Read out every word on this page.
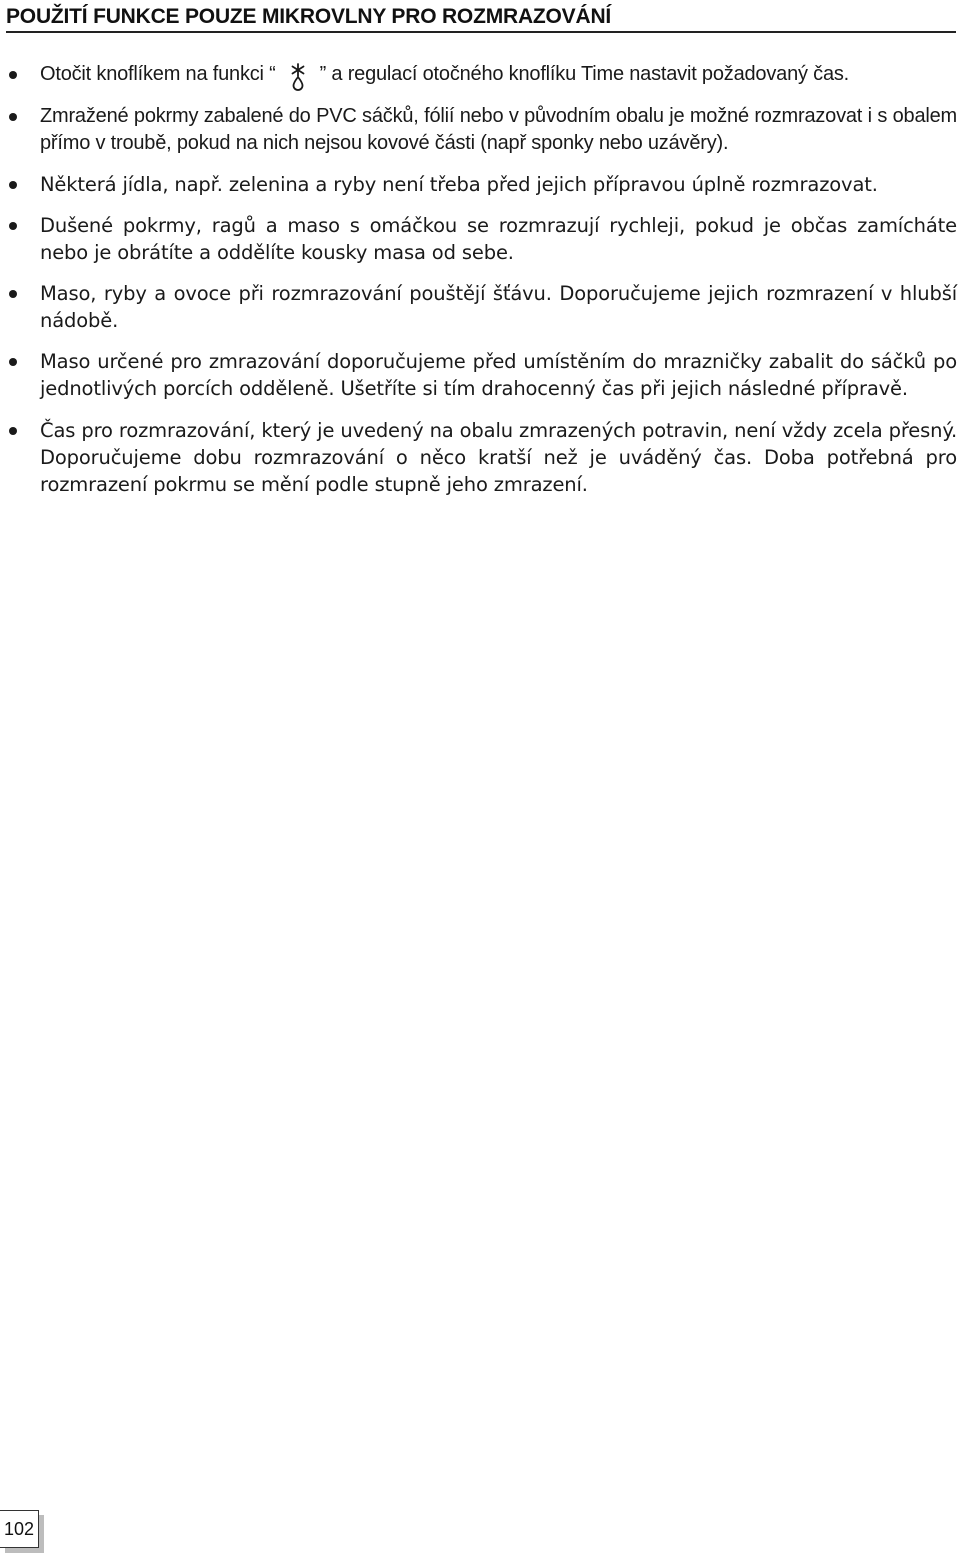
POUŽITÍ FUNKCE POUZE MIKROVLNY PRO ROZMRAZOVÁNÍ

Otočit knoflíkem na funkci “ ” a regulací otočného knoflíku Time nastavit požadovaný čas.

Zmražené pokrmy zabalené do PVC sáčků, fólií nebo v původním obalu je možné rozmrazovat i s obalem přímo v troubě, pokud na nich nejsou kovové části (např sponky nebo uzávěry).

Některá jídla, např. zelenina a ryby není třeba před jejich přípravou úplně rozmrazovat.

Dušené pokrmy, ragů a maso s omáčkou se rozmrazují rychleji, pokud je občas zamícháte nebo je obrátíte a oddělíte kousky masa od sebe.

Maso, ryby a ovoce při rozmrazování pouštějí šťávu. Doporučujeme jejich rozmrazení v hlubší nádobě.

Maso určené pro zmrazování doporučujeme před umístěním do mrazničky zabalit do sáčků po jednotlivých porcích odděleně. Ušetříte si tím drahocenný čas při jejich následné přípravě.

Čas pro rozmrazování, který je uvedený na obalu zmrazených potravin, není vždy zcela přesný. Doporučujeme dobu rozmrazování o něco kratší než je uváděný čas. Doba potřebná pro rozmrazení pokrmu se mění podle stupně jeho zmrazení.

102
